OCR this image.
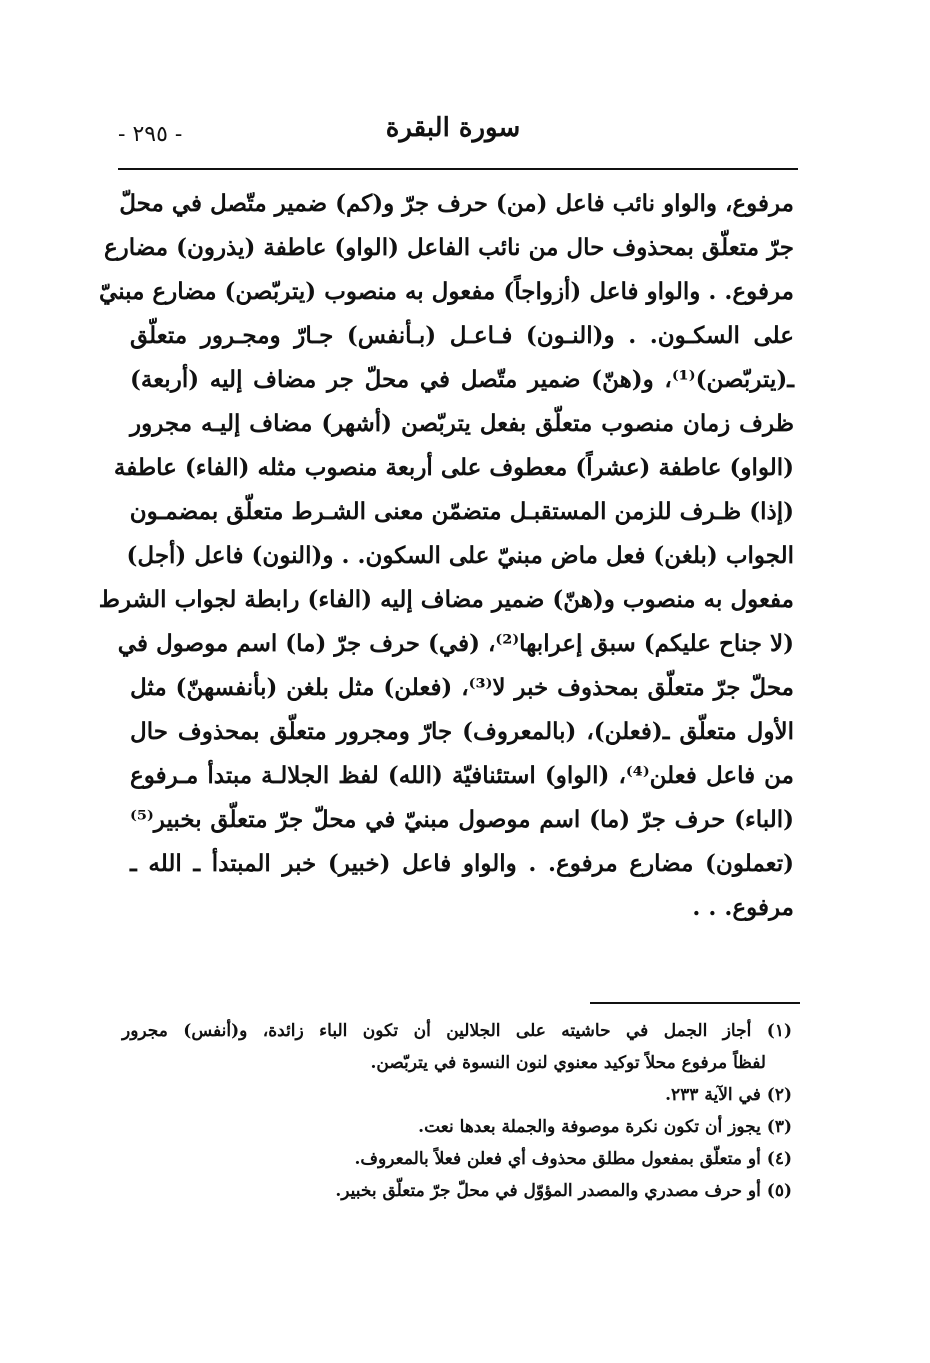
سورة البقرة
- ٢٩٥ -
مرفوع، والواو نائب فاعل (من) حرف جرّ و(كم) ضمير متّصل في محلّ
جرّ متعلّق بمحذوف حال من نائب الفاعل (الواو) عاطفة (يذرون) مضارع
مرفوع. . والواو فاعل (أزواجاً) مفعول به منصوب (يتربّصن) مضارع مبنيّ
على السكـون. . و(النـون) فـاعـل (بـأنفس) جـارّ ومجـرور متعلّق
ـ(يتربّصن)⁽¹⁾، و(هنّ) ضمير متّصل في محلّ جر مضاف إليه (أربعة)
ظرف زمان منصوب متعلّق بفعل يتربّصن (أشهر) مضاف إليـه مجرور
(الواو) عاطفة (عشراً) معطوف على أربعة منصوب مثله (الفاء) عاطفة
(إذا) ظـرف للزمن المستقبـل متضمّن معنى الشـرط متعلّق بمضمـون
الجواب (بلغن) فعل ماض مبنيّ على السكون. . و(النون) فاعل (أجل)
مفعول به منصوب و(هنّ) ضمير مضاف إليه (الفاء) رابطة لجواب الشرط
(لا جناح عليكم) سبق إعرابها⁽²⁾، (في) حرف جرّ (ما) اسم موصول في
محلّ جرّ متعلّق بمحذوف خبر لا⁽³⁾، (فعلن) مثل بلغن (بأنفسهنّ) مثل
الأول متعلّق ـ(فعلن)، (بالمعروف) جارّ ومجرور متعلّق بمحذوف حال
من فاعل فعلن⁽⁴⁾، (الواو) استئنافيّة (الله) لفظ الجلالـة مبتدأ مـرفوع
(الباء) حرف جرّ (ما) اسم موصول مبنيّ في محلّ جرّ متعلّق بخبير⁽⁵⁾
(تعملون) مضارع مرفوع. . والواو فاعل (خبير) خبر المبتدأ ـ الله ـ
مرفوع. . .
(١) أجاز الجمل في حاشيته على الجلالين أن تكون الباء زائدة، و(أنفس) مجرور
لفظاً مرفوع محلاً توكيد معنوي لنون النسوة في يتربّصن.
(٢) في الآية ٢٣٣.
(٣) يجوز أن تكون نكرة موصوفة والجملة بعدها نعت.
(٤) أو متعلّق بمفعول مطلق محذوف أي فعلن فعلاً بالمعروف.
(٥) أو حرف مصدري والمصدر المؤوّل في محلّ جرّ متعلّق بخبير.
